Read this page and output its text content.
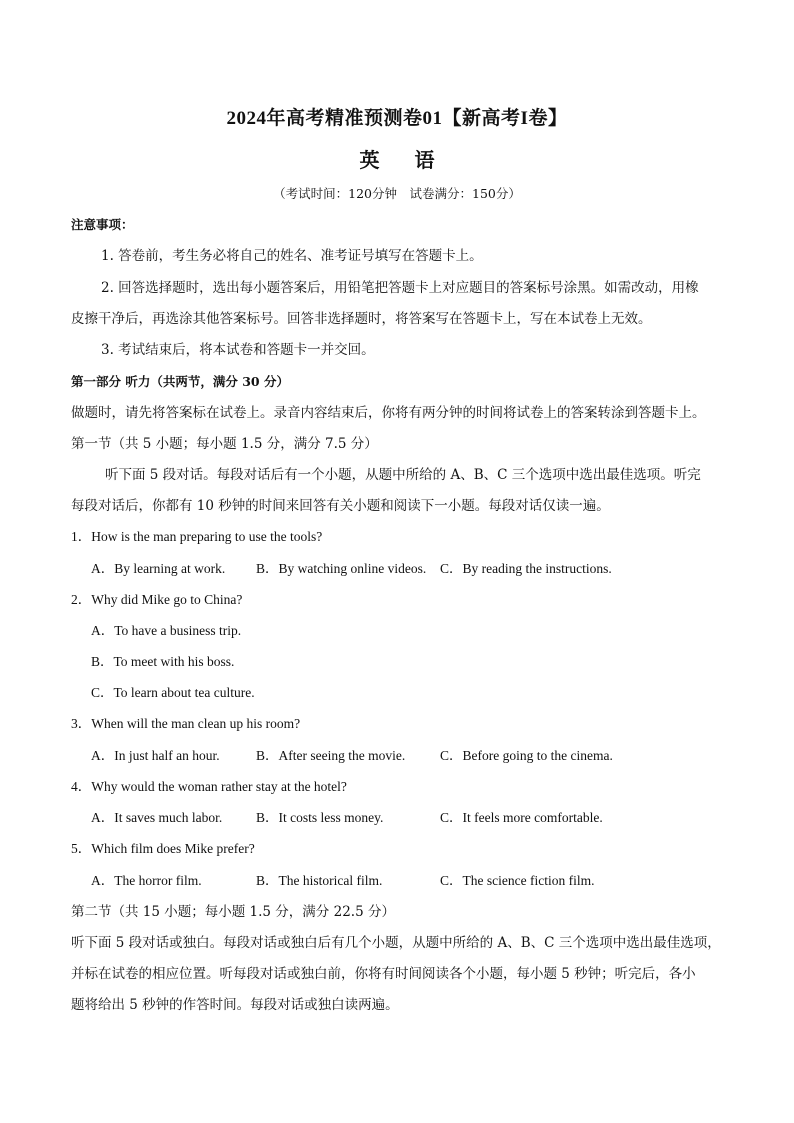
2024年高考精准预测卷01【新高考I卷】
英 语
（考试时间：120分钟　试卷满分：150分）
注意事项：
1. 答卷前，考生务必将自己的姓名、准考证号填写在答题卡上。
2. 回答选择题时，选出每小题答案后，用铅笔把答题卡上对应题目的答案标号涂黑。如需改动，用橡
皮擦干净后，再选涂其他答案标号。回答非选择题时，将答案写在答题卡上，写在本试卷上无效。
3. 考试结束后，将本试卷和答题卡一并交回。
第一部分 听力（共两节，满分 30 分）
做题时，请先将答案标在试卷上。录音内容结束后，你将有两分钟的时间将试卷上的答案转涂到答题卡上。
第一节（共 5 小题；每小题 1.5 分，满分 7.5 分）
听下面 5 段对话。每段对话后有一个小题，从题中所给的 A、B、C 三个选项中选出最佳选项。听完
每段对话后，你都有 10 秒钟的时间来回答有关小题和阅读下一小题。每段对话仅读一遍。
1．How is the man preparing to use the tools?
A．By learning at work. B．By watching online videos. C．By reading the instructions.
2．Why did Mike go to China?
A．To have a business trip.
B．To meet with his boss.
C．To learn about tea culture.
3．When will the man clean up his room?
A．In just half an hour.	B．After seeing the movie.	C．Before going to the cinema.
4．Why would the woman rather stay at the hotel?
A．It saves much labor.	B．It costs less money.	C．It feels more comfortable.
5．Which film does Mike prefer?
A．The horror film.	B．The historical film.	C．The science fiction film.
第二节（共 15 小题；每小题 1.5 分，满分 22.5 分）
听下面 5 段对话或独白。每段对话或独白后有几个小题，从题中所给的 A、B、C 三个选项中选出最佳选项，
并标在试卷的相应位置。听每段对话或独白前，你将有时间阅读各个小题，每小题 5 秒钟；听完后，各小
题将给出 5 秒钟的作答时间。每段对话或独白读两遍。
